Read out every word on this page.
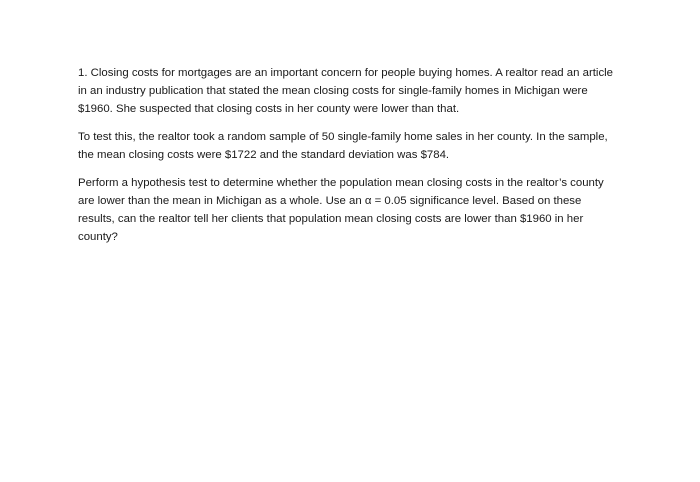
1. Closing costs for mortgages are an important concern for people buying homes. A realtor read an article in an industry publication that stated the mean closing costs for single-family homes in Michigan were $1960. She suspected that closing costs in her county were lower than that.

To test this, the realtor took a random sample of 50 single-family home sales in her county. In the sample, the mean closing costs were $1722 and the standard deviation was $784.

Perform a hypothesis test to determine whether the population mean closing costs in the realtor’s county are lower than the mean in Michigan as a whole. Use an α = 0.05 significance level. Based on these results, can the realtor tell her clients that population mean closing costs are lower than $1960 in her county?
